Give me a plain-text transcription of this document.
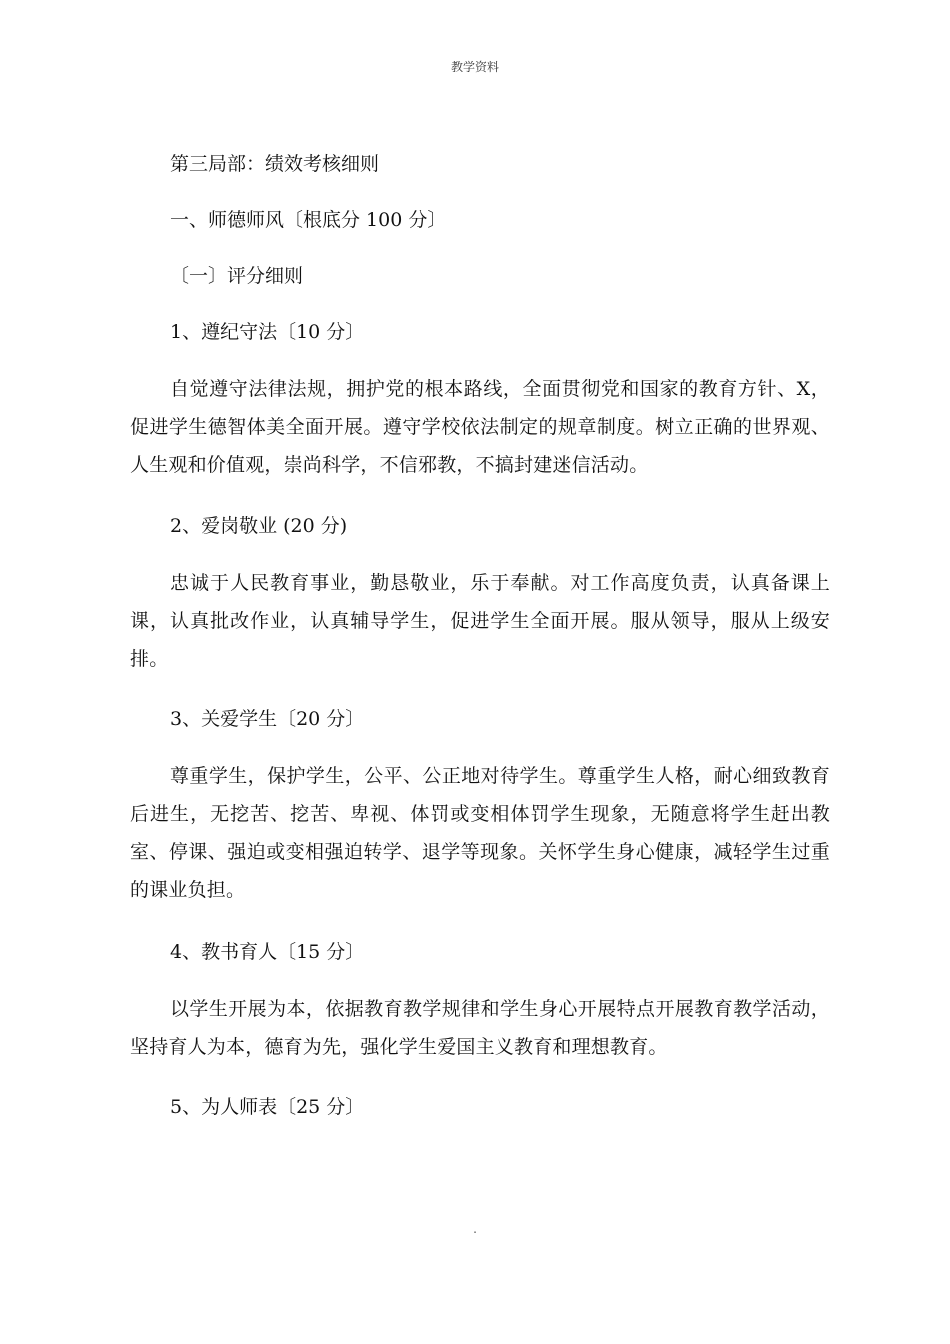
教学资料
第三局部：绩效考核细则
一、师德师风〔根底分 100 分〕
〔一〕评分细则
1、遵纪守法〔10 分〕
自觉遵守法律法规，拥护党的根本路线，全面贯彻党和国家的教育方针、X，促进学生德智体美全面开展。遵守学校依法制定的规章制度。树立正确的世界观、人生观和价值观，崇尚科学，不信邪教，不搞封建迷信活动。
2、爱岗敬业 (20 分)
忠诚于人民教育事业，勤恳敬业，乐于奉献。对工作高度负责，认真备课上课，认真批改作业，认真辅导学生，促进学生全面开展。服从领导，服从上级安排。
3、关爱学生〔20 分〕
尊重学生，保护学生，公平、公正地对待学生。尊重学生人格，耐心细致教育后进生，无挖苦、挖苦、卑视、体罚或变相体罚学生现象，无随意将学生赶出教室、停课、强迫或变相强迫转学、退学等现象。关怀学生身心健康，减轻学生过重的课业负担。
4、教书育人〔15 分〕
以学生开展为本，依据教育教学规律和学生身心开展特点开展教育教学活动，坚持育人为本，德育为先，强化学生爱国主义教育和理想教育。
5、为人师表〔25 分〕
.
